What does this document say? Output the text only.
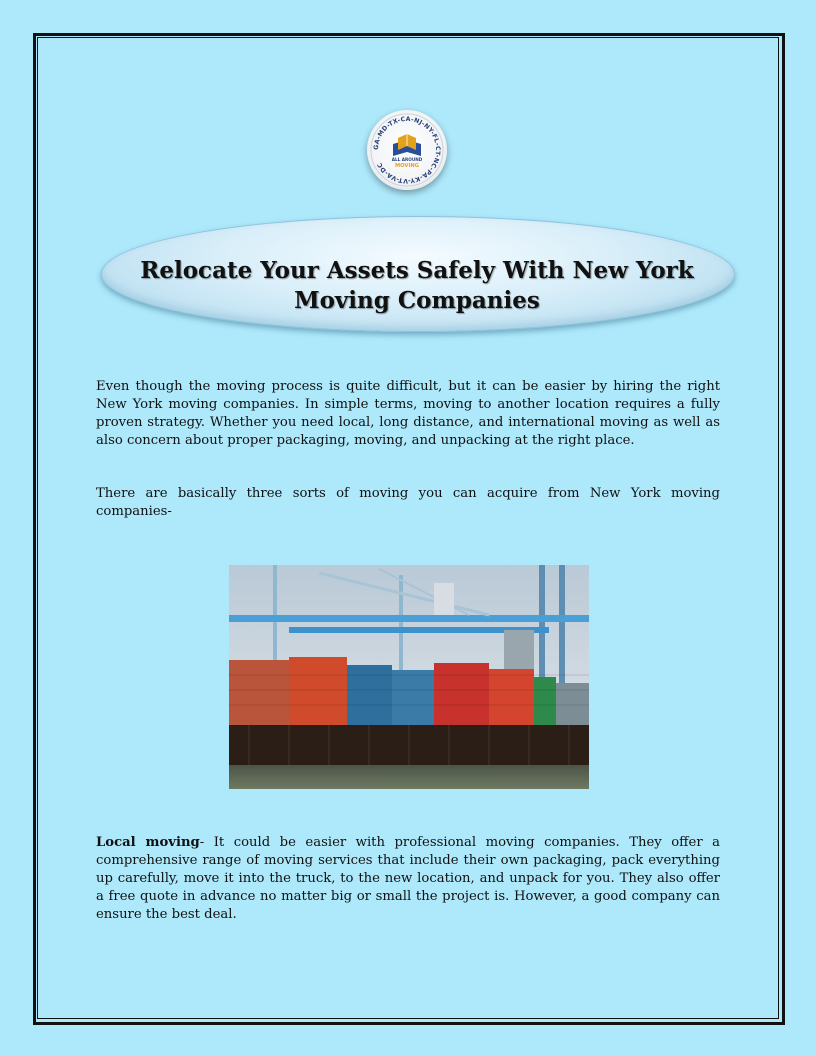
GA-MD-TX-CA-NJ-NY-FL-CT-NC-PA-KY-VT-VA-DC
ALL AROUND
MOVING
Relocate Your Assets Safely With New York
Moving Companies

Even though the moving process is quite difficult, but it can be easier by hiring the right New York moving companies. In simple terms, moving to another location requires a fully proven strategy. Whether you need local, long distance, and international moving as well as also concern about proper packaging, moving, and unpacking at the right place.

There are basically three sorts of moving you can acquire from New York moving companies-

Local moving- It could be easier with professional moving companies. They offer a comprehensive range of moving services that include their own packaging, pack everything up carefully, move it into the truck, to the new location, and unpack for you. They also offer a free quote in advance no matter big or small the project is. However, a good company can ensure the best deal.
